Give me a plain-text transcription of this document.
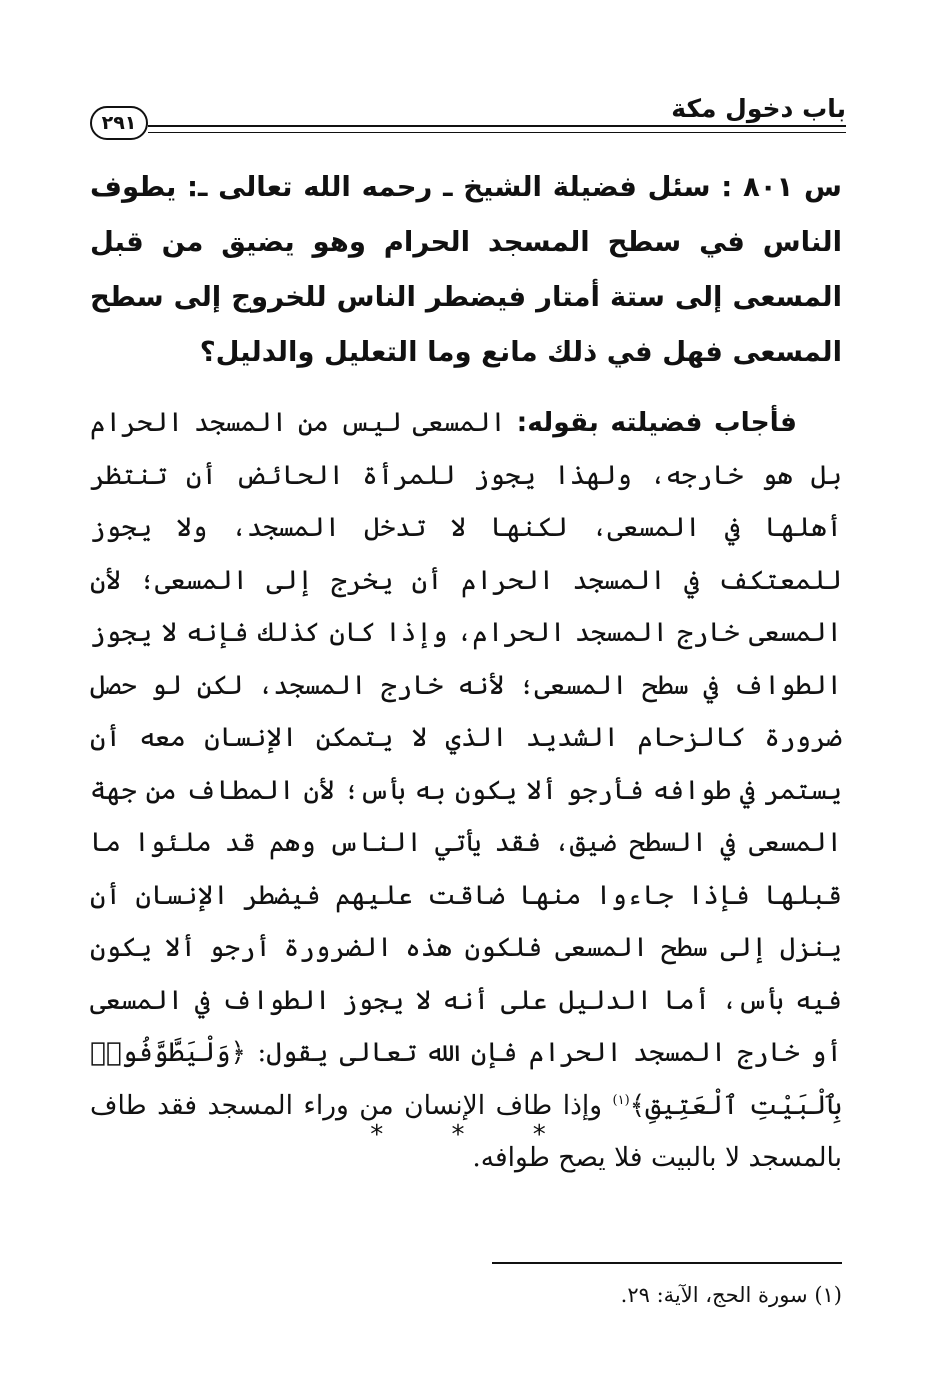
باب دخول مكة
٢٩١

س ٨٠١ : سئل فضيلة الشيخ ـ رحمه الله تعالى ـ: يطوف الناس في سطح المسجد الحرام وهو يضيق من قبل المسعى إلى ستة أمتار فيضطر الناس للخروج إلى سطح المسعى فهل في ذلك مانع وما التعليل والدليل؟

فأجاب فضيلته بقوله: المسعى ليس من المسجد الحرام بل هو خارجه، ولهذا يجوز للمرأة الحائض أن تنتظر أهلها في المسعى، لكنها لا تدخل المسجد، ولا يجوز للمعتكف في المسجد الحرام أن يخرج إلى المسعى؛ لأن المسعى خارج المسجد الحرام، وإذا كان كذلك فإنه لا يجوز الطواف في سطح المسعى؛ لأنه خارج المسجد، لكن لو حصل ضرورة كالزحام الشديد الذي لا يتمكن الإنسان معه أن يستمر في طوافه فأرجو ألا يكون به بأس؛ لأن المطاف من جهة المسعى في السطح ضيق، فقد يأتي الناس وهم قد ملئوا ما قبلها فإذا جاءوا منها ضاقت عليهم فيضطر الإنسان أن ينزل إلى سطح المسعى فلكون هذه الضرورة أرجو ألا يكون فيه بأس، أما الدليل على أنه لا يجوز الطواف في المسعى أو خارج المسجد الحرام فإن الله تعالى يقول: ﴿وَلْيَطَّوَّفُوا۟ بِٱلْبَيْتِ ٱلْعَتِيقِ﴾$^{(١)}$ وإذا طاف الإنسان من وراء المسجد فقد طاف بالمسجد لا بالبيت فلا يصح طوافه.

* * *
(١) سورة الحج، الآية: ٢٩.
